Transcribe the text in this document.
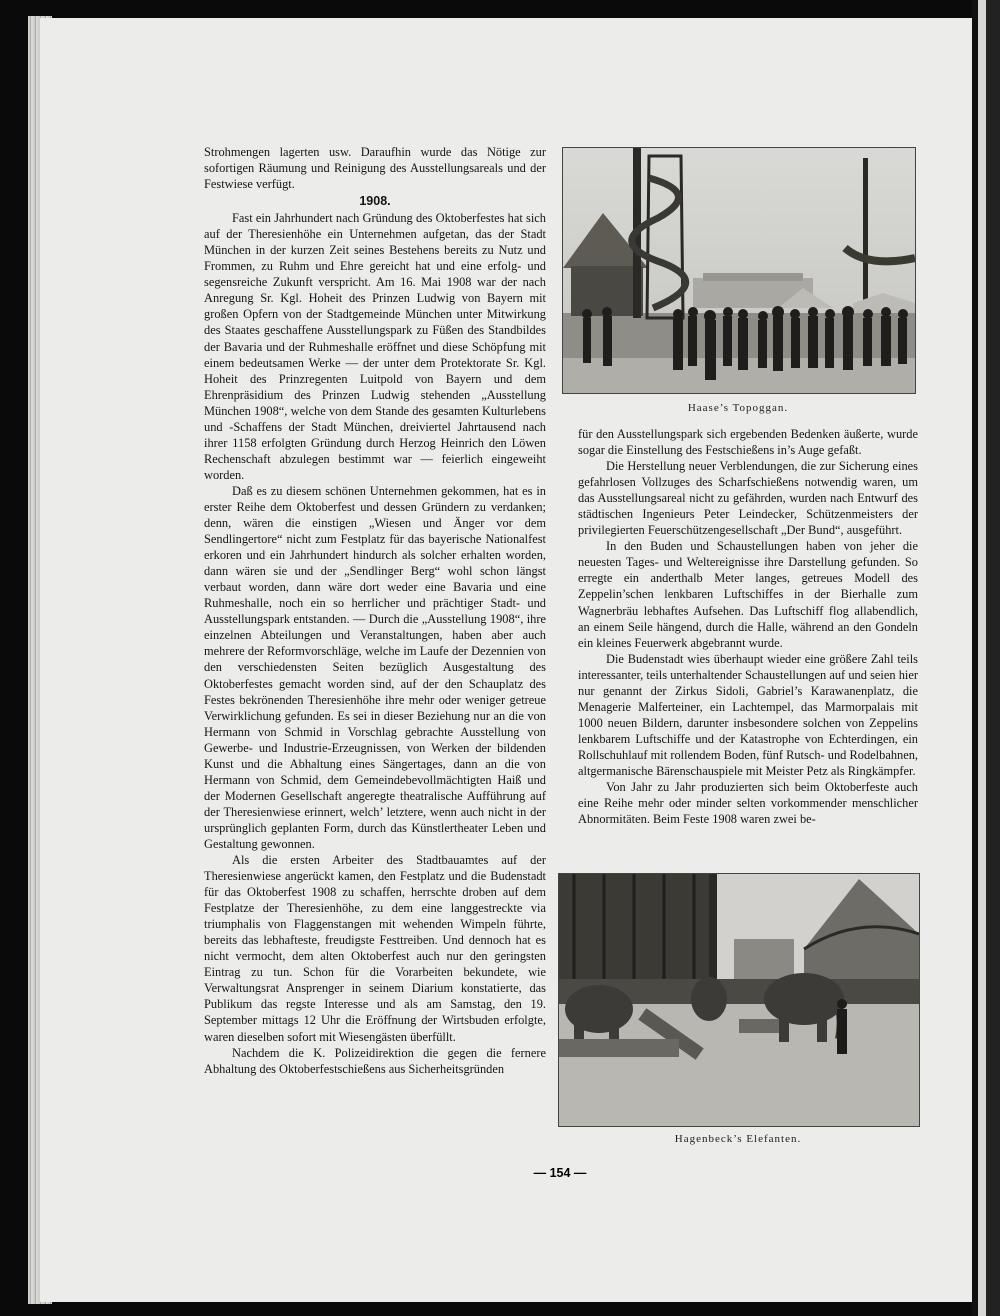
Strohmengen lagerten usw. Daraufhin wurde das Nötige zur sofortigen Räumung und Reinigung des Ausstellungsareals und der Festwiese verfügt.

1908.

Fast ein Jahrhundert nach Gründung des Oktoberfestes hat sich auf der Theresienhöhe ein Unternehmen aufgetan, das der Stadt München in der kurzen Zeit seines Bestehens bereits zu Nutz und Frommen, zu Ruhm und Ehre gereicht hat und eine erfolg- und segensreiche Zukunft verspricht. Am 16. Mai 1908 war der nach Anregung Sr. Kgl. Hoheit des Prinzen Ludwig von Bayern mit großen Opfern von der Stadtgemeinde München unter Mitwirkung des Staates geschaffene Ausstellungspark zu Füßen des Standbildes der Bavaria und der Ruhmeshalle eröffnet und diese Schöpfung mit einem bedeutsamen Werke — der unter dem Protektorate Sr. Kgl. Hoheit des Prinzregenten Luitpold von Bayern und dem Ehrenpräsidium des Prinzen Ludwig stehenden „Ausstellung München 1908“, welche von dem Stande des gesamten Kulturlebens und -Schaffens der Stadt München, dreiviertel Jahrtausend nach ihrer 1158 erfolgten Gründung durch Herzog Heinrich den Löwen Rechenschaft abzulegen bestimmt war — feierlich eingeweiht worden.

Daß es zu diesem schönen Unternehmen gekommen, hat es in erster Reihe dem Oktoberfest und dessen Gründern zu verdanken; denn, wären die einstigen „Wiesen und Änger vor dem Sendlingertore“ nicht zum Festplatz für das bayerische Nationalfest erkoren und ein Jahrhundert hindurch als solcher erhalten worden, dann wären sie und der „Sendlinger Berg“ wohl schon längst verbaut worden, dann wäre dort weder eine Bavaria und eine Ruhmeshalle, noch ein so herrlicher und prächtiger Stadt- und Ausstellungspark entstanden. — Durch die „Ausstellung 1908“, ihre einzelnen Abteilungen und Veranstaltungen, haben aber auch mehrere der Reformvorschläge, welche im Laufe der Dezennien von den verschiedensten Seiten bezüglich Ausgestaltung des Oktoberfestes gemacht worden sind, auf der den Schauplatz des Festes bekrönenden Theresienhöhe ihre mehr oder weniger getreue Verwirklichung gefunden. Es sei in dieser Beziehung nur an die von Hermann von Schmid in Vorschlag gebrachte Ausstellung von Gewerbe- und Industrie-Erzeugnissen, von Werken der bildenden Kunst und die Abhaltung eines Sängertages, dann an die von Hermann von Schmid, dem Gemeindebevollmächtigten Haiß und der Modernen Gesellschaft angeregte theatralische Aufführung auf der Theresienwiese erinnert, welch’ letztere, wenn auch nicht in der ursprünglich geplanten Form, durch das Künstlertheater Leben und Gestaltung gewonnen.

Als die ersten Arbeiter des Stadtbauamtes auf der Theresienwiese angerückt kamen, den Festplatz und die Budenstadt für das Oktoberfest 1908 zu schaffen, herrschte droben auf dem Festplatze der Theresienhöhe, zu dem eine langgestreckte via triumphalis von Flaggenstangen mit wehenden Wimpeln führte, bereits das lebhafteste, freudigste Festtreiben. Und dennoch hat es nicht vermocht, dem alten Oktoberfest auch nur den geringsten Eintrag zu tun. Schon für die Vorarbeiten bekundete, wie Verwaltungsrat Ansprenger in seinem Diarium konstatierte, das Publikum das regste Interesse und als am Samstag, den 19. September mittags 12 Uhr die Eröffnung der Wirtsbuden erfolgte, waren dieselben sofort mit Wiesengästen überfüllt.

Nachdem die K. Polizeidirektion die gegen die fernere Abhaltung des Oktoberfestschießens aus Sicherheitsgründen

Haase’s Topoggan.

für den Ausstellungspark sich ergebenden Bedenken äußerte, wurde sogar die Einstellung des Festschießens in’s Auge gefaßt.

Die Herstellung neuer Verblendungen, die zur Sicherung eines gefahrlosen Vollzuges des Scharfschießens notwendig waren, um das Ausstellungsareal nicht zu gefährden, wurden nach Entwurf des städtischen Ingenieurs Peter Leindecker, Schützenmeisters der privilegierten Feuerschützengesellschaft „Der Bund“, ausgeführt.

In den Buden und Schaustellungen haben von jeher die neuesten Tages- und Weltereignisse ihre Darstellung gefunden. So erregte ein anderthalb Meter langes, getreues Modell des Zeppelin’schen lenkbaren Luftschiffes in der Bierhalle zum Wagnerbräu lebhaftes Aufsehen. Das Luftschiff flog allabendlich, an einem Seile hängend, durch die Halle, während an den Gondeln ein kleines Feuerwerk abgebrannt wurde.

Die Budenstadt wies überhaupt wieder eine größere Zahl teils interessanter, teils unterhaltender Schaustellungen auf und seien hier nur genannt der Zirkus Sidoli, Gabriel’s Karawanenplatz, die Menagerie Malferteiner, ein Lachtempel, das Marmorpalais mit 1000 neuen Bildern, darunter insbesondere solchen von Zeppelins lenkbarem Luftschiffe und der Katastrophe von Echterdingen, ein Rollschuhlauf mit rollendem Boden, fünf Rutsch- und Rodelbahnen, altgermanische Bärenschauspiele mit Meister Petz als Ringkämpfer.

Von Jahr zu Jahr produzierten sich beim Oktoberfeste auch eine Reihe mehr oder minder selten vorkommender menschlicher Abnormitäten. Beim Feste 1908 waren zwei be-

Hagenbeck’s Elefanten.
— 154 —
